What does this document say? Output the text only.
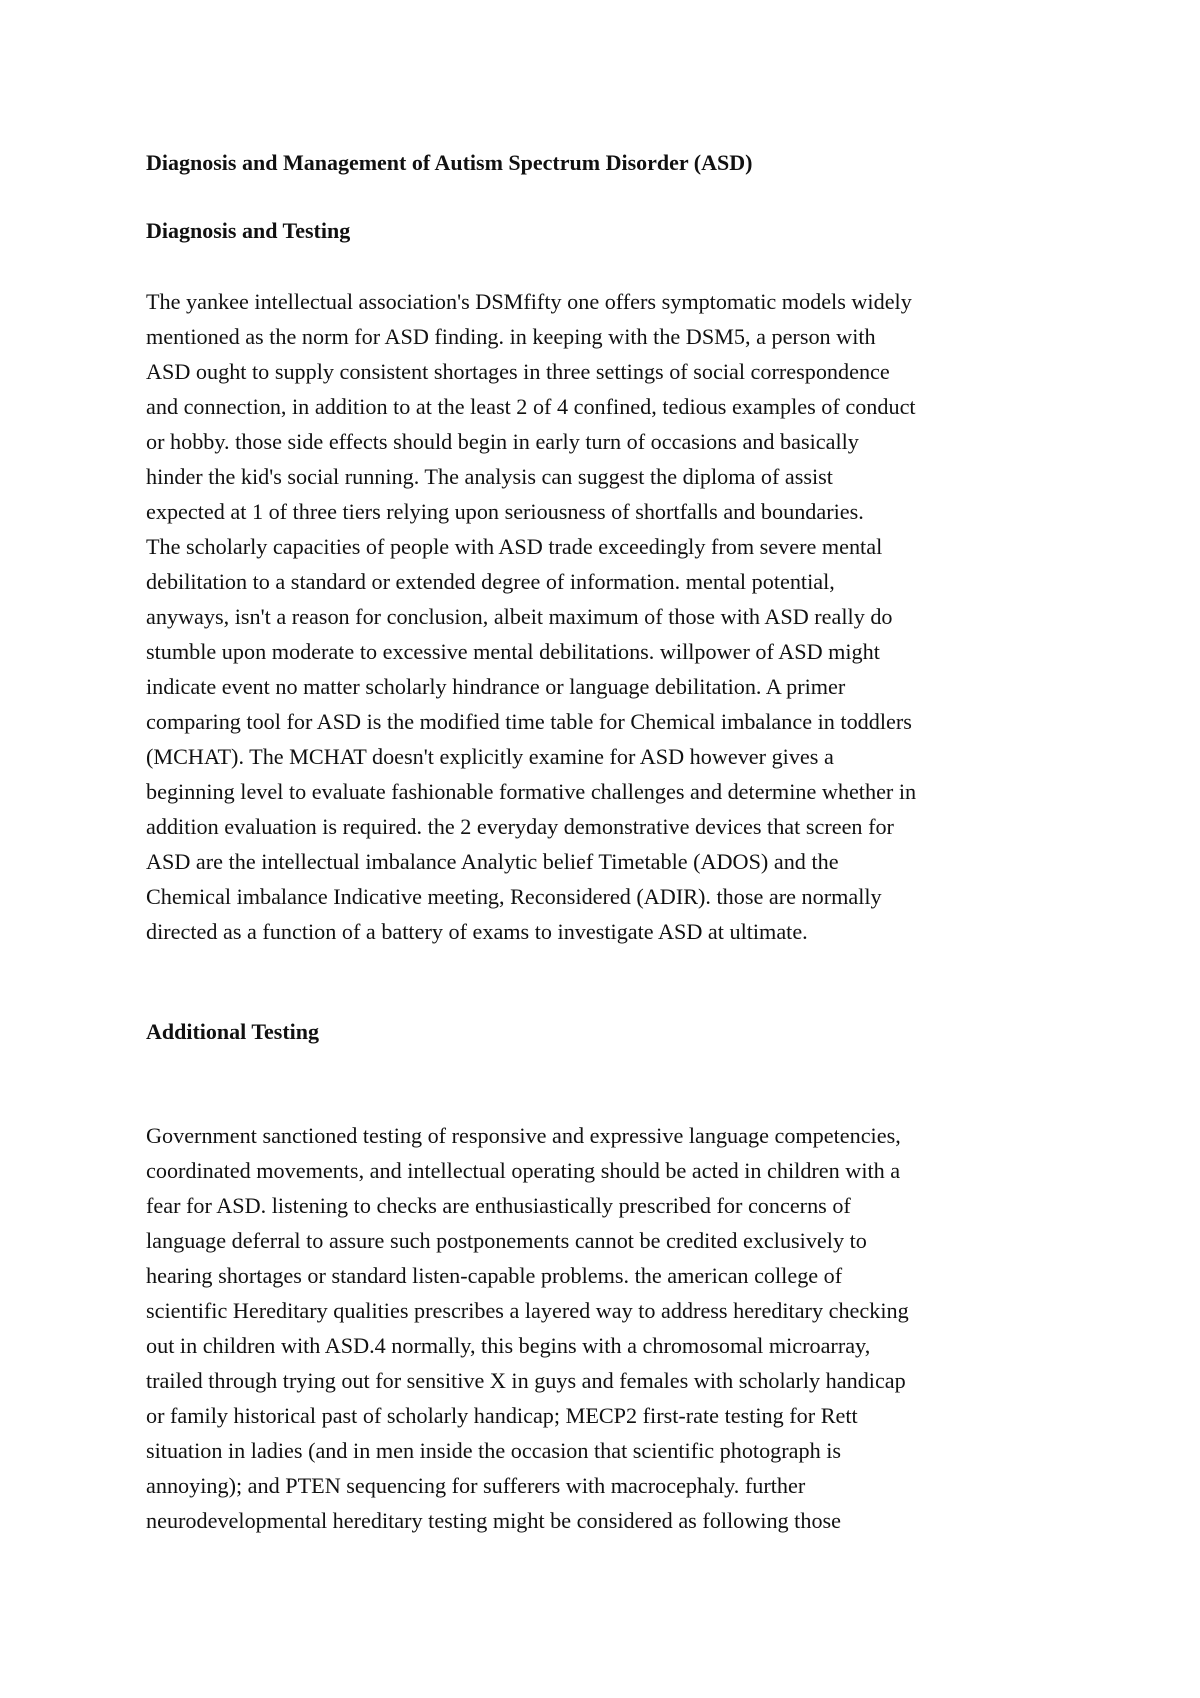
Diagnosis and Management of Autism Spectrum Disorder (ASD)
Diagnosis and Testing
The yankee intellectual association's DSMfifty one offers symptomatic models widely
mentioned as the norm for ASD finding. in keeping with the DSM5, a person with
ASD ought to supply consistent shortages in three settings of social correspondence
and connection, in addition to at the least 2 of 4 confined, tedious examples of conduct
or hobby. those side effects should begin in early turn of occasions and basically
hinder the kid's social running. The analysis can suggest the diploma of assist
expected at 1 of three tiers relying upon seriousness of shortfalls and boundaries.
The scholarly capacities of people with ASD trade exceedingly from severe mental
debilitation to a standard or extended degree of information. mental potential,
anyways, isn't a reason for conclusion, albeit maximum of those with ASD really do
stumble upon moderate to excessive mental debilitations. willpower of ASD might
indicate event no matter scholarly hindrance or language debilitation. A primer
comparing tool for ASD is the modified time table for Chemical imbalance in toddlers
(MCHAT). The MCHAT doesn't explicitly examine for ASD however gives a
beginning level to evaluate fashionable formative challenges and determine whether in
addition evaluation is required. the 2 everyday demonstrative devices that screen for
ASD are the intellectual imbalance Analytic belief Timetable (ADOS) and the
Chemical imbalance Indicative meeting, Reconsidered (ADIR). those are normally
directed as a function of a battery of exams to investigate ASD at ultimate.
Additional Testing
Government sanctioned testing of responsive and expressive language competencies,
coordinated movements, and intellectual operating should be acted in children with a
fear for ASD. listening to checks are enthusiastically prescribed for concerns of
language deferral to assure such postponements cannot be credited exclusively to
hearing shortages or standard listen-capable problems. the american college of
scientific Hereditary qualities prescribes a layered way to address hereditary checking
out in children with ASD.4 normally, this begins with a chromosomal microarray,
trailed through trying out for sensitive X in guys and females with scholarly handicap
or family historical past of scholarly handicap; MECP2 first-rate testing for Rett
situation in ladies (and in men inside the occasion that scientific photograph is
annoying); and PTEN sequencing for sufferers with macrocephaly. further
neurodevelopmental hereditary testing might be considered as following those
